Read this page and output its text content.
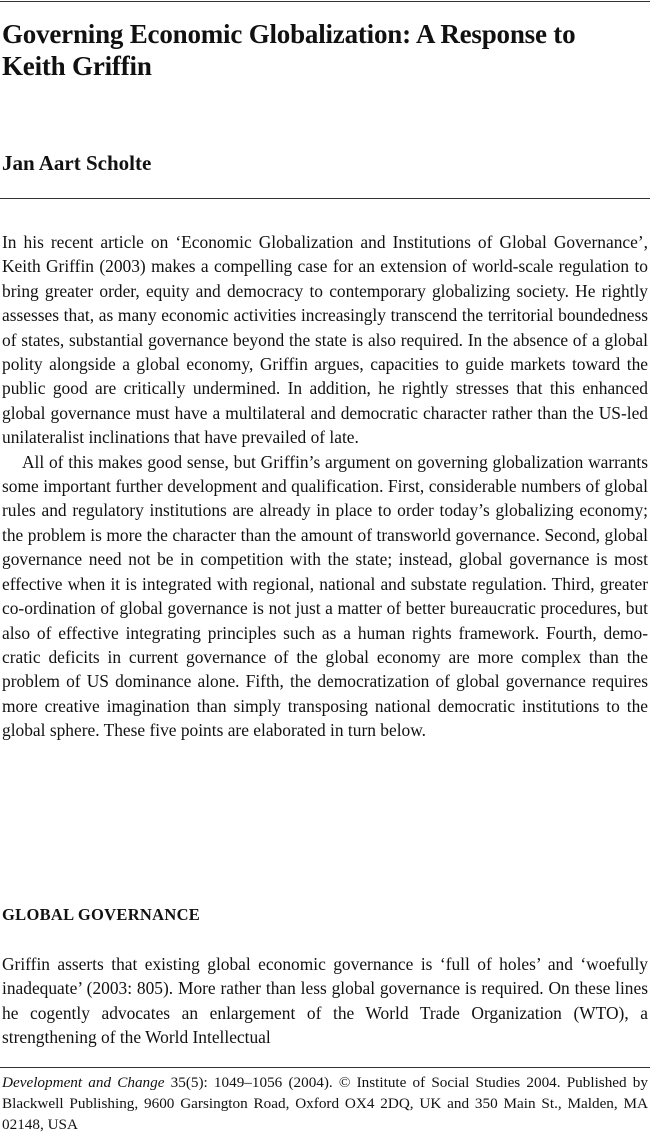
Governing Economic Globalization: A Response to Keith Griffin
Jan Aart Scholte

In his recent article on ‘Economic Globalization and Institutions of Global Governance’, Keith Griffin (2003) makes a compelling case for an extension of world-scale regulation to bring greater order, equity and democracy to contemporary globalizing society. He rightly assesses that, as many economic activities increasingly transcend the territorial boundedness of states, substantial governance beyond the state is also required. In the absence of a global polity alongside a global economy, Griffin argues, capacities to guide markets toward the public good are critically undermined. In addition, he rightly stresses that this enhanced global governance must have a multilateral and democratic character rather than the US-led unilateralist inclinations that have prevailed of late.

All of this makes good sense, but Griffin’s argument on governing globalization warrants some important further development and qualification. First, considerable numbers of global rules and regulatory institutions are already in place to order today’s globalizing economy; the problem is more the character than the amount of transworld governance. Second, global governance need not be in competition with the state; instead, global governance is most effective when it is integrated with regional, national and substate regulation. Third, greater co-ordination of global governance is not just a matter of better bureaucratic procedures, but also of effective integrating principles such as a human rights framework. Fourth, democratic deficits in current governance of the global economy are more complex than the problem of US dominance alone. Fifth, the democratization of global governance requires more creative imagination than simply transposing national democratic institutions to the global sphere. These five points are elaborated in turn below.

GLOBAL GOVERNANCE

Griffin asserts that existing global economic governance is ‘full of holes’ and ‘woefully inadequate’ (2003: 805). More rather than less global governance is required. On these lines he cogently advocates an enlargement of the World Trade Organization (WTO), a strengthening of the World Intellectual

Development and Change 35(5): 1049–1056 (2004). © Institute of Social Studies 2004. Published by Blackwell Publishing, 9600 Garsington Road, Oxford OX4 2DQ, UK and 350 Main St., Malden, MA 02148, USA
